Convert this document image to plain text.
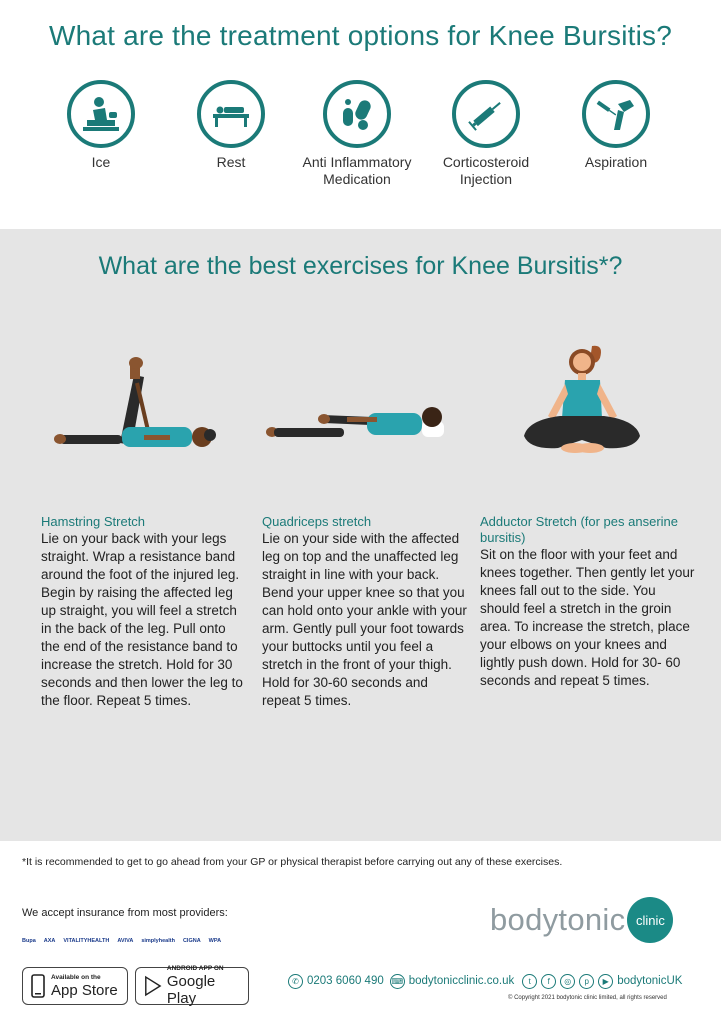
What are the treatment options for Knee Bursitis?
Ice	Rest	Anti Inflammatory Medication
Corticosteroid Injection
Aspiration
What are the best exercises for Knee Bursitis*?
Hamstring Stretch
Lie on your back with your legs straight. Wrap a resistance band around the foot of the injured leg. Begin by raising the affected leg up straight, you will feel a stretch in the back of the leg. Pull onto the end of the resistance band to increase the stretch. Hold for 30 seconds and then lower the leg to the floor. Repeat 5 times.
Quadriceps stretch
Lie on your side with the affected leg on top and the unaffected leg straight in line with your back. Bend your upper knee so that you can hold onto your ankle with your arm. Gently pull your foot towards your buttocks until you feel a stretch in the front of your thigh. Hold for 30-60 seconds and repeat 5 times.
Adductor Stretch (for pes anserine bursitis)
Sit on the floor with your feet and knees together. Then gently let your knees fall out to the side. You should feel a stretch in the groin area. To increase the stretch, place your elbows on your knees and lightly push down. Hold for 30- 60 seconds and repeat 5 times.
*It is recommended to get to go ahead from your GP or physical therapist before carrying out any of these exercises.
We accept insurance from most providers:
Bupa AXA VITALITYHEALTH AVIVA simplyhealth CIGNA WPA
bodytonic clinic
Available on the
App Store
ANDROID APP ON
Google Play
✆ 0203 6060 490 ⌨ bodytonicclinic.co.uk	t	f	◎	p	▶ bodytonicUK
© Copyright 2021 bodytonic clinic limited, all rights reserved
